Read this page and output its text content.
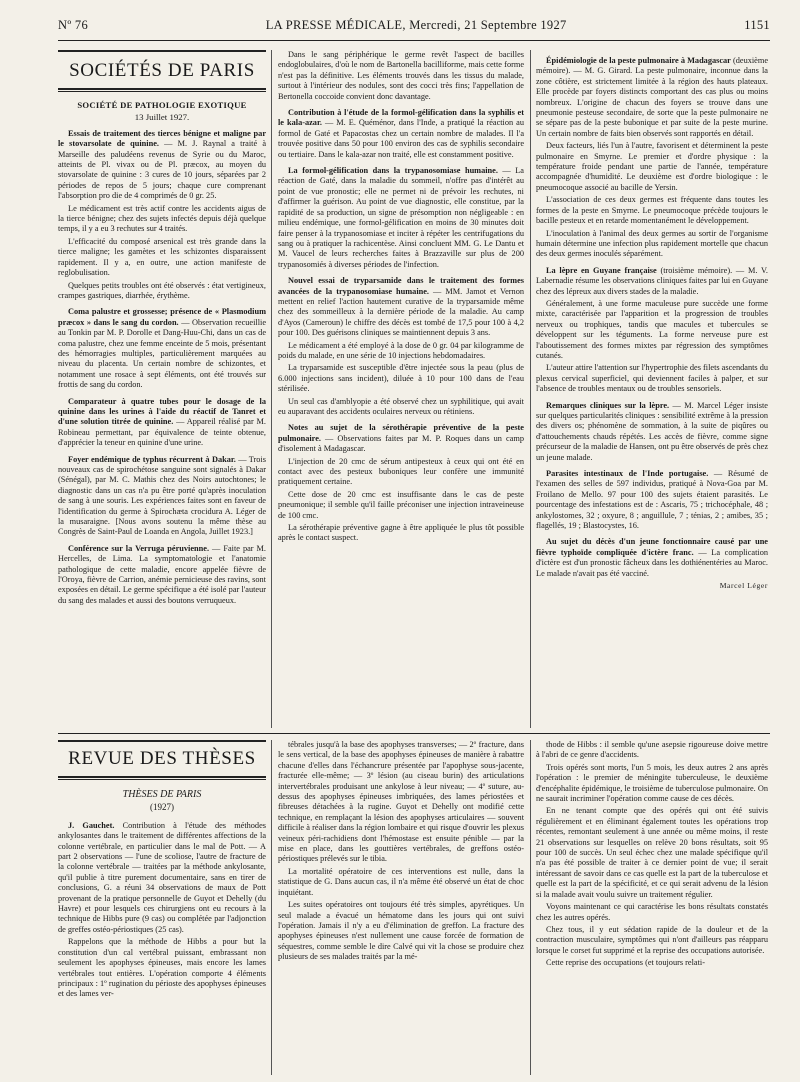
Nº 76	LA PRESSE MÉDICALE, Mercredi, 21 Septembre 1927	1151
SOCIÉTÉS DE PARIS
SOCIÉTÉ DE PATHOLOGIE EXOTIQUE
13 Juillet 1927.

Essais de traitement des tierces bénigne et maligne par le stovarsolate de quinine. — M. J. Raynal a traité à Marseille des paludéens revenus de Syrie ou du Maroc, atteints de Pl. vivax ou de Pl. præcox, au moyen du stovarsolate de quinine : 3 cures de 10 jours, séparées par 2 périodes de repos de 5 jours; chaque cure comprenant l'absorption pro die de 4 comprimés de 0 gr. 25.

Le médicament est très actif contre les accidents aigus de la tierce bénigne; chez des sujets infectés depuis déjà quelque temps, il y a eu 3 rechutes sur 4 traités.

L'efficacité du composé arsenical est très grande dans la tierce maligne; les gamètes et les schizontes disparaissent rapidement. Il y a, en outre, une action manifeste de reglobulisation.

Quelques petits troubles ont été observés : état vertigineux, crampes gastriques, diarrhée, érythème.

Coma palustre et grossesse; présence de « Plasmodium præcox » dans le sang du cordon. — Observation recueillie au Tonkin par M. P. Dorolle et Dang-Huu-Chi, dans un cas de coma palustre, chez une femme enceinte de 5 mois, présentant des hémorragies multiples, particulièrement marquées au niveau du placenta. Un certain nombre de schizontes, et notamment une rosace à sept éléments, ont été trouvés sur frottis de sang du cordon.

Comparateur à quatre tubes pour le dosage de la quinine dans les urines à l'aide du réactif de Tanret et d'une solution titrée de quinine. — Appareil réalisé par M. Robineau permettant, par équivalence de teinte obtenue, d'apprécier la teneur en quinine d'une urine.

Foyer endémique de typhus récurrent à Dakar. — Trois nouveaux cas de spirochétose sanguine sont signalés à Dakar (Sénégal), par M. C. Mathis chez des Noirs autochtones; le diagnostic dans un cas n'a pu être porté qu'après inoculation de sang à une souris. Les expériences faites sont en faveur de l'identification du germe à Spirochæta crocidura A. Léger de la musaraigne. [Nous avons soutenu la même thèse au Congrès de Saint-Paul de Loanda en Angola, Juillet 1923.]

Conférence sur la Verruga péruvienne. — Faite par M. Hercelles, de Lima. La symptomatologie et l'anatomie pathologique de cette maladie, encore appelée fièvre de l'Oroya, fièvre de Carrion, anémie pernicieuse des ravins, sont exposées en détail. Le germe spécifique a été isolé par l'auteur du sang des malades et aussi des boutons verruqueux.

Dans le sang périphérique le germe revêt l'aspect de bacilles endoglobulaires, d'où le nom de Bartonella bacilliforme, mais cette forme n'est pas la définitive. Les éléments trouvés dans les tissus du malade, surtout à l'intérieur des nodules, sont des cocci très fins; l'appellation de Bertonella coccoide convient donc davantage.

Contribution à l'étude de la formol-gélification dans la syphilis et le kala-azar. — M. E. Quéménor, dans l'Inde, a pratiqué la réaction au formol de Gaté et Papacostas chez un certain nombre de malades. Il l'a trouvée positive dans 50 pour 100 environ des cas de syphilis secondaire ou tertiaire. Dans le kala-azar non traité, elle est constamment positive.

La formol-gélification dans la trypanosomiase humaine. — La réaction de Gaté, dans la maladie du sommeil, n'offre pas d'intérêt au point de vue pronostic; elle ne permet ni de prévoir les rechutes, ni d'affirmer la guérison. Au point de vue diagnostic, elle constitue, par la rapidité de sa production, un signe de présomption non négligeable : en milieu endémique, une formol-gélification en moins de 30 minutes doit faire penser à la trypanosomiase et inciter à répéter les centrifugations du sang ou à pratiquer la rachicentèse. Ainsi concluent MM. G. Le Dantu et M. Vaucel de leurs recherches faites à Brazzaville sur plus de 200 trypanosomiés à diverses périodes de l'infection.

Nouvel essai de tryparsamide dans le traitement des formes avancées de la trypanosomiase humaine. — MM. Jamot et Vernon mettent en relief l'action hautement curative de la tryparsamide même chez des sommeilleux à la dernière période de la maladie. Au camp d'Ayos (Cameroun) le chiffre des décès est tombé de 17,5 pour 100 à 4,2 pour 100. Des guérisons cliniques se maintiennent depuis 3 ans.

Le médicament a été employé à la dose de 0 gr. 04 par kilogramme de poids du malade, en une série de 10 injections hebdomadaires.

La tryparsamide est susceptible d'être injectée sous la peau (plus de 6.000 injections sans incident), diluée à 10 pour 100 dans de l'eau stérilisée.

Un seul cas d'amblyopie a été observé chez un syphilitique, qui avait eu auparavant des accidents oculaires nerveux ou rétiniens.

Notes au sujet de la sérothérapie préventive de la peste pulmonaire. — Observations faites par M. P. Roques dans un camp d'isolement à Madagascar.

L'injection de 20 cmc de sérum antipesteux à ceux qui ont été en contact avec des pesteux buboniques leur confère une immunité pratiquement certaine.

Cette dose de 20 cmc est insuffisante dans le cas de peste pneumonique; il semble qu'il faille préconiser une injection intraveineuse de 100 cmc.

La sérothérapie préventive gagne à être appliquée le plus tôt possible après le contact suspect.

Épidémiologie de la peste pulmonaire à Madagascar (deuxième mémoire). — M. G. Girard. La peste pulmonaire, inconnue dans la zone côtière, est strictement limitée à la région des hauts plateaux. Elle procède par foyers distincts comportant des cas plus ou moins nombreux. L'origine de chacun des foyers se trouve dans une pneumonie pesteuse secondaire, de sorte que la peste pulmonaire ne se sépare pas de la peste bubonique et par suite de la peste murine. Un certain nombre de faits bien observés sont rapportés en détail.

Deux facteurs, liés l'un à l'autre, favorisent et déterminent la peste pulmonaire en Smyrne. Le premier et d'ordre physique : la température froide pendant une partie de l'année, température accompagnée d'humidité. Le deuxième est d'ordre biologique : le pneumocoque associé au bacille de Yersin.

L'association de ces deux germes est fréquente dans toutes les formes de la peste en Smyrne. Le pneumocoque précède toujours le bacille pesteux et en retarde momentanément le développement.

L'inoculation à l'animal des deux germes au sortir de l'organisme humain détermine une infection plus rapidement mortelle que chacun des deux germes inoculés séparément.

La lèpre en Guyane française (troisième mémoire). — M. V. Labernadie résume les observations cliniques faites par lui en Guyane chez des lépreux aux divers stades de la maladie.

Généralement, à une forme maculeuse pure succède une forme mixte, caractérisée par l'apparition et la progression de troubles nerveux ou trophiques, tandis que macules et tubercules se développent sur les téguments. La forme nerveuse pure est l'aboutissement des formes mixtes par régression des symptômes cutanés.

L'auteur attire l'attention sur l'hypertrophie des filets ascendants du plexus cervical superficiel, qui deviennent faciles à palper, et sur l'absence de troubles mentaux ou de troubles sensoriels.

Remarques cliniques sur la lèpre. — M. Marcel Léger insiste sur quelques particularités cliniques : sensibilité extrême à la pression des divers os; phénomène de sommation, à la suite de piqûres ou d'attouchements chauds répétés. Les accès de fièvre, comme signe précurseur de la maladie de Hansen, ont pu être observés de près chez un jeune malade.

Parasites intestinaux de l'Inde portugaise. — Résumé de l'examen des selles de 597 individus, pratiqué à Nova-Goa par M. Froilano de Mello. 97 pour 100 des sujets étaient parasités. Le pourcentage des infestations est de : Ascaris, 75 ; trichocéphale, 48 ; ankylostomes, 32 ; oxyure, 8 ; anguillule, 7 ; ténias, 2 ; amibes, 35 ; flagellés, 19 ; Blastocystes, 16.

Au sujet du décès d'un jeune fonctionnaire causé par une fièvre typhoïde compliquée d'ictère franc. — La complication d'ictère est d'un pronostic fâcheux dans les dothiénentéries au Maroc. Le malade n'avait pas été vacciné.

Marcel Léger
REVUE DES THÈSES
THÈSES DE PARIS
(1927)

J. Gauchet. Contribution à l'étude des méthodes ankylosantes dans le traitement de différentes affections de la colonne vertébrale, en particulier dans le mal de Pott. — A part 2 observations — l'une de scoliose, l'autre de fracture de la colonne vertébrale — traitées par la méthode ankylosante, qu'il publie à titre purement documentaire, sans en tirer de conclusions, G. a réuni 34 observations de maux de Pott provenant de la pratique personnelle de Guyot et Dehelly (du Havre) et pour lesquels ces chirurgiens ont eu recours à la technique de Hibbs pure (9 cas) ou complétée par l'adjonction de greffes ostéo-périostiques (25 cas).

Rappelons que la méthode de Hibbs a pour but la constitution d'un cal vertébral puissant, embrassant non seulement les apophyses épineuses, mais encore les lames vertébrales tout entières. L'opération comporte 4 éléments principaux : 1º rugination du périoste des apophyses épineuses et des lames ver-

tébrales jusqu'à la base des apophyses transverses; — 2º fracture, dans le sens vertical, de la base des apophyses épineuses de manière à rabattre chacune d'elles dans l'échancrure présentée par l'apophyse sous-jacente, fracturée elle-même; — 3º lésion (au ciseau burin) des articulations intervertébrales produisant une ankylose à leur niveau; — 4º suture, au-dessus des apophyses épineuses imbriquées, des lames périostées et fibreuses détachées à la rugine. Guyot et Dehelly ont modifié cette technique, en remplaçant la lésion des apophyses articulaires — souvent difficile à réaliser dans la région lombaire et qui risque d'ouvrir les plexus veineux péri-rachidiens dont l'hémostase est ensuite pénible — par la mise en place, dans les gouttières vertébrales, de greffons ostéo-périostiques prélevés sur le tibia.

La mortalité opératoire de ces interventions est nulle, dans la statistique de G. Dans aucun cas, il n'a même été observé un état de choc inquiétant.

Les suites opératoires ont toujours été très simples, apyrétiques. Un seul malade a évacué un hématome dans les jours qui ont suivi l'opération. Jamais il n'y a eu d'élimination de greffon. La fracture des apophyses épineuses n'est nullement une cause forcée de formation de séquestres, comme semble le dire Calvé qui vit la chose se produire chez plusieurs de ses malades traités par la mé-

thode de Hibbs : il semble qu'une asepsie rigoureuse doive mettre à l'abri de ce genre d'accidents.

Trois opérés sont morts, l'un 5 mois, les deux autres 2 ans après l'opération : le premier de méningite tuberculeuse, le deuxième d'encéphalite épidémique, le troisième de tuberculose pulmonaire. On ne saurait incriminer l'opération comme cause de ces décès.

En ne tenant compte que des opérés qui ont été suivis régulièrement et en éliminant également toutes les opérations trop récentes, remontant seulement à une année ou même moins, il reste 21 observations sur lesquelles on relève 20 bons résultats, soit 95 pour 100 de succès. Un seul échec chez une malade spécifique qu'il n'a pas été possible de traiter à ce dernier point de vue; il serait intéressant de savoir dans ce cas quelle est la part de la tuberculose et quelle est la part de la spécificité, et ce qui serait advenu de la lésion si la malade avait voulu suivre un traitement régulier.

Voyons maintenant ce qui caractérise les bons résultats constatés chez les autres opérés.

Chez tous, il y eut sédation rapide de la douleur et de la contraction musculaire, symptômes qui n'ont d'ailleurs pas réapparu lorsque le corset fut supprimé et la reprise des occupations autorisée.

Cette reprise des occupations (et toujours relati-
